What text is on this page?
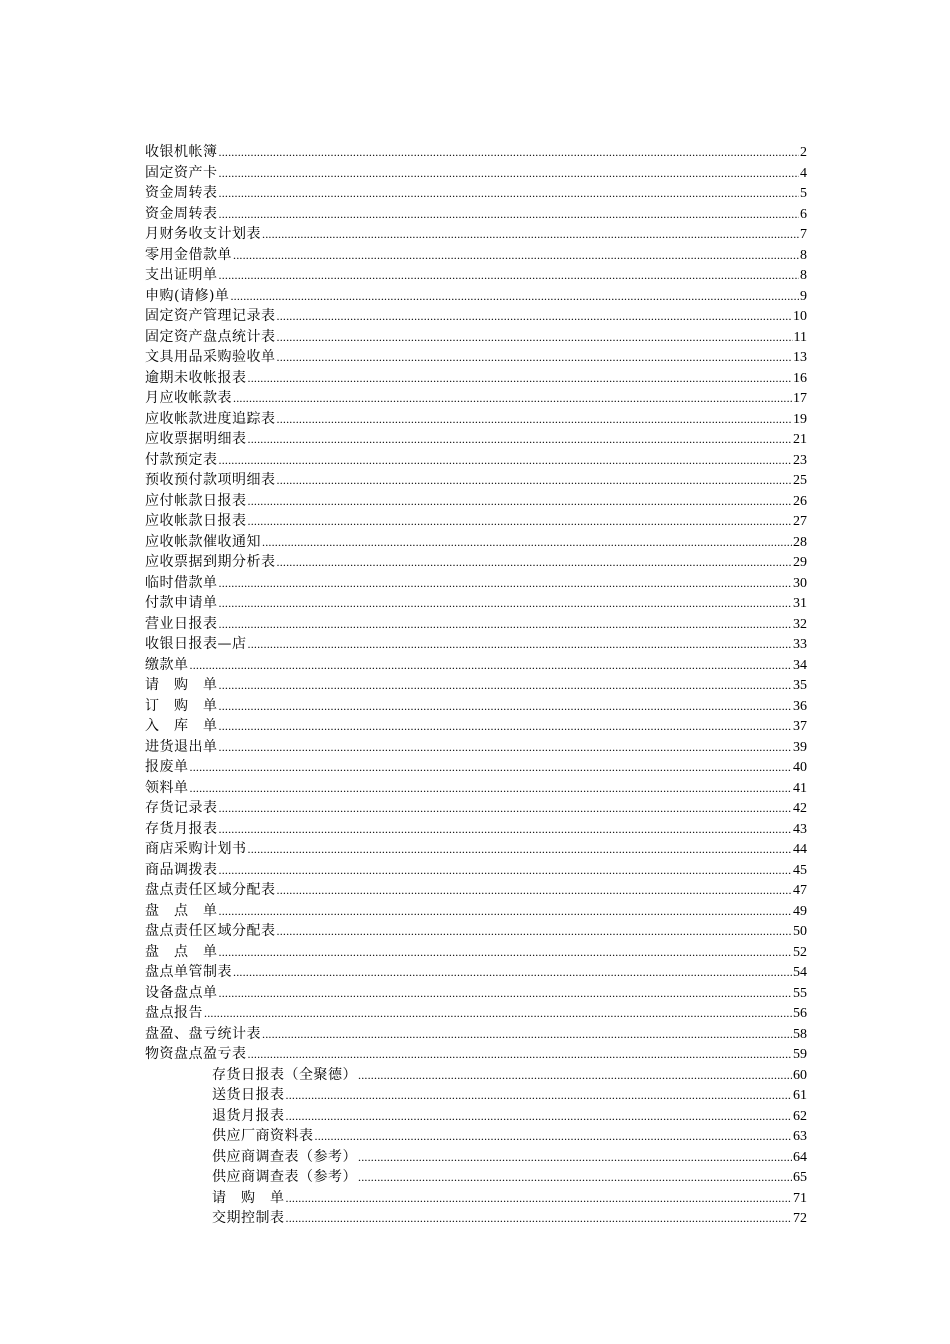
收银机帐簿 .....	2
固定资产卡 .....	4
资金周转表 .....	5
资金周转表 .....	6
月财务收支计划表 .....	7
零用金借款单 .....	8
支出证明单 .....	8
申购(请修)单 .....	9
固定资产管理记录表 .....	10
固定资产盘点统计表 .....	11
文具用品采购验收单 .....	13
逾期未收帐报表 .....	16
月应收帐款表 .....	17
应收帐款进度追踪表 .....	19
应收票据明细表 .....	21
付款预定表 .....	23
预收预付款项明细表 .....	25
应付帐款日报表 .....	26
应收帐款日报表 .....	27
应收帐款催收通知 .....	28
应收票据到期分析表 .....	29
临时借款单 .....	30
付款申请单 .....	31
营业日报表 .....	32
收银日报表—店 .....	33
缴款单 .....	34
请　购　单 .....	35
订　购　单 .....	36
入　库　单 .....	37
进货退出单 .....	39
报废单 .....	40
领料单 .....	41
存货记录表 .....	42
存货月报表 .....	43
商店采购计划书 .....	44
商品调拨表 .....	45
盘点责任区域分配表 .....	47
盘　点　单 .....	49
盘点责任区域分配表 .....	50
盘　点　单 .....	52
盘点单管制表 .....	54
设备盘点单 .....	55
盘点报告 .....	56
盘盈、盘亏统计表 .....	58
物资盘点盈亏表 .....	59
存货日报表（全聚德） .....	60
送货日报表 .....	61
退货月报表 .....	62
供应厂商资料表 .....	63
供应商调查表（参考） .....	64
供应商调查表（参考） .....	65
请　购　单 .....	71
交期控制表 .....	72
